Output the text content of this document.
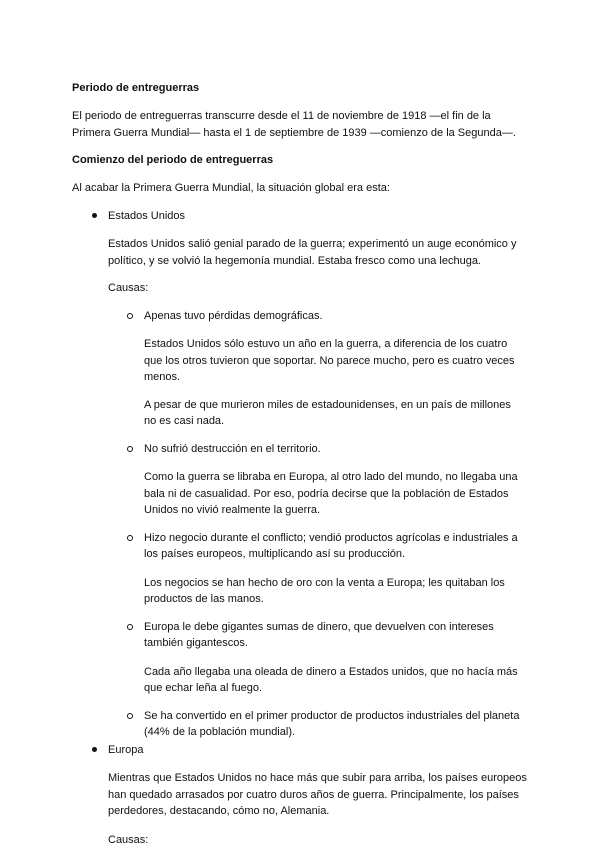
Periodo de entreguerras

El periodo de entreguerras transcurre desde el 11 de noviembre de 1918 —el fin de la Primera Guerra Mundial— hasta el 1 de septiembre de 1939 —comienzo de la Segunda—.

Comienzo del periodo de entreguerras

Al acabar la Primera Guerra Mundial, la situación global era esta:

Estados Unidos

Estados Unidos salió genial parado de la guerra; experimentó un auge económico y político, y se volvió la hegemonía mundial. Estaba fresco como una lechuga.

Causas:

Apenas tuvo pérdidas demográficas.

Estados Unidos sólo estuvo un año en la guerra, a diferencia de los cuatro que los otros tuvieron que soportar. No parece mucho, pero es cuatro veces menos.

A pesar de que murieron miles de estadounidenses, en un país de millones no es casi nada.

No sufrió destrucción en el territorio.

Como la guerra se libraba en Europa, al otro lado del mundo, no llegaba una bala ni de casualidad. Por eso, podría decirse que la población de Estados Unidos no vivió realmente la guerra.

Hizo negocio durante el conflicto; vendió productos agrícolas e industriales a los países europeos, multiplicando así su producción.

Los negocios se han hecho de oro con la venta a Europa; les quitaban los productos de las manos.

Europa le debe gigantes sumas de dinero, que devuelven con intereses también gigantescos.

Cada año llegaba una oleada de dinero a Estados unidos, que no hacía más que echar leña al fuego.

Se ha convertido en el primer productor de productos industriales del planeta (44% de la población mundial).

Europa

Mientras que Estados Unidos no hace más que subir para arriba, los países europeos han quedado arrasados por cuatro duros años de guerra. Principalmente, los países perdedores, destacando, cómo no, Alemania.

Causas:
